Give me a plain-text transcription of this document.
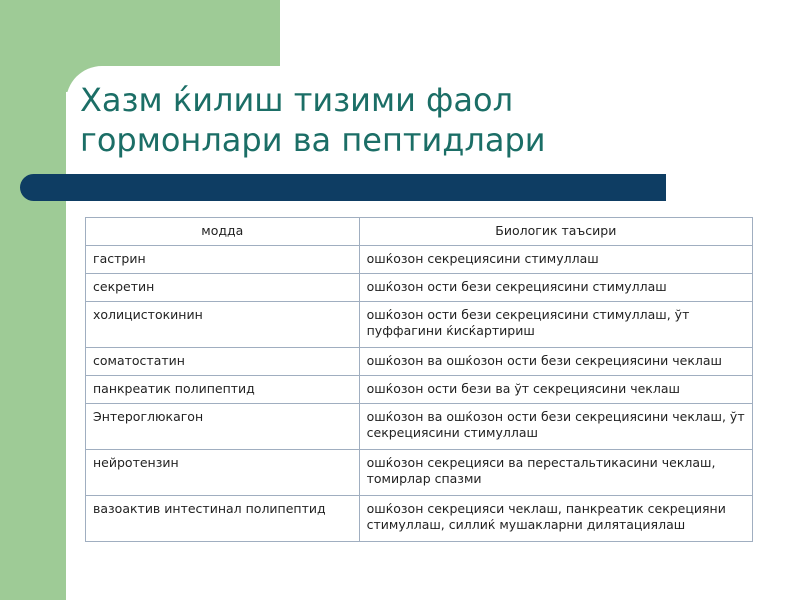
Хазм ќилиш тизими фаол
гормонлари ва пептидлари
модда	Биологик таъсири
гастрин	ошќозон секрециясини стимуллаш
секретин	ошќозон ости бези секрециясини стимуллаш
холицистокинин	ошќозон ости бези секрециясини стимуллаш, ўт пуффагини ќисќартириш
соматостатин	ошќозон ва ошќозон ости бези секрециясини чеклаш
панкреатик полипептид	ошќозон ости бези ва ўт секрециясини чеклаш
Энтероглюкагон	ошќозон ва ошќозон ости бези секрециясини чеклаш, ўт секрециясини стимуллаш
нейротензин	ошќозон секрецияси ва перестальтикасини чеклаш, томирлар спазми
вазоактив интестинал полипептид	ошќозон секрецияси чеклаш, панкреатик секрецияни стимуллаш, силлиќ мушакларни дилятациялаш
